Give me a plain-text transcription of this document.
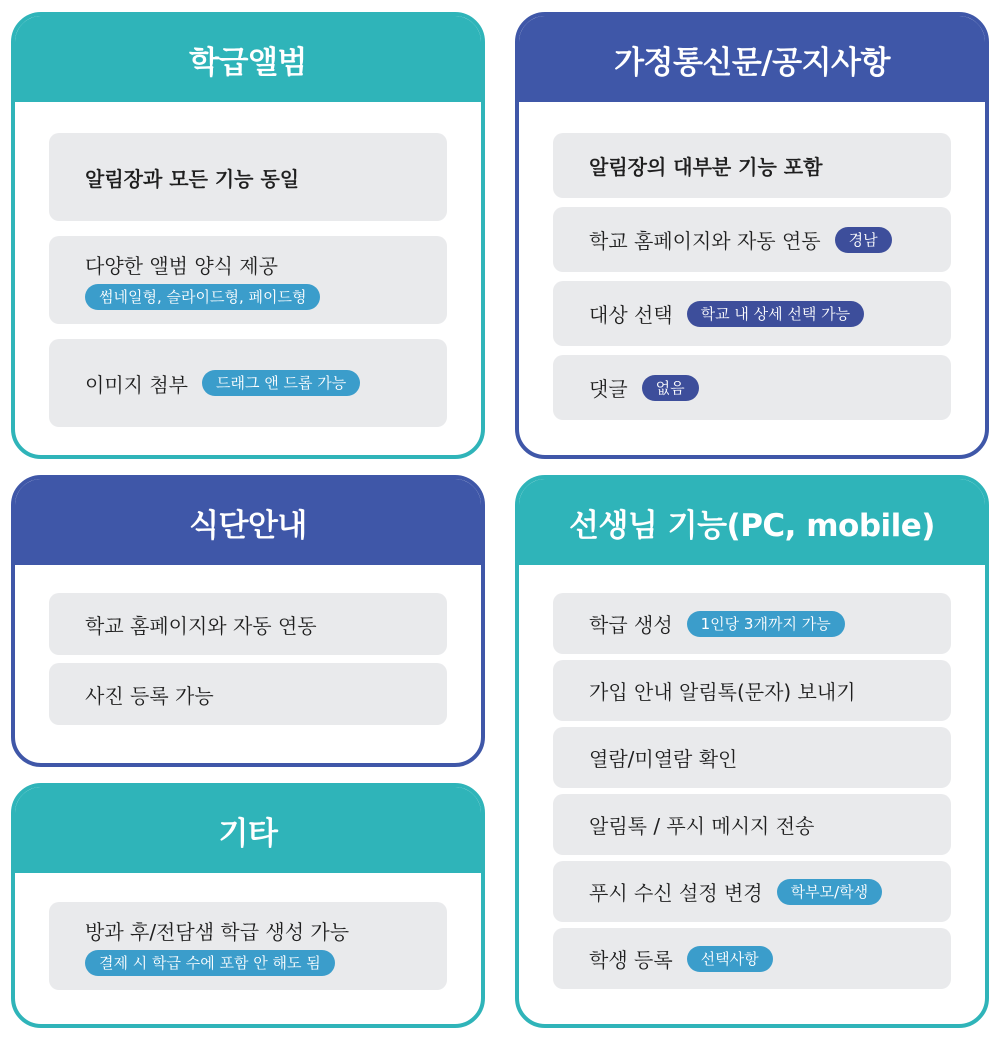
학급앨범
알림장과 모든 기능 동일
다양한 앨범 양식 제공
썸네일형, 슬라이드형, 페이드형
이미지 첨부	드래그 앤 드롭 가능
가정통신문/공지사항
알림장의 대부분 기능 포함
학교 홈페이지와 자동 연동	경남
대상 선택	학교 내 상세 선택 가능
댓글	없음
식단안내
학교 홈페이지와 자동 연동
사진 등록 가능
기타
방과 후/전담샘 학급 생성 가능
결제 시 학급 수에 포함 안 해도 됨
선생님 기능(PC, mobile)
학급 생성	1인당 3개까지 가능
가입 안내 알림톡(문자) 보내기
열람/미열람 확인
알림톡 / 푸시 메시지 전송
푸시 수신 설정 변경	학부모/학생
학생 등록	선택사항
